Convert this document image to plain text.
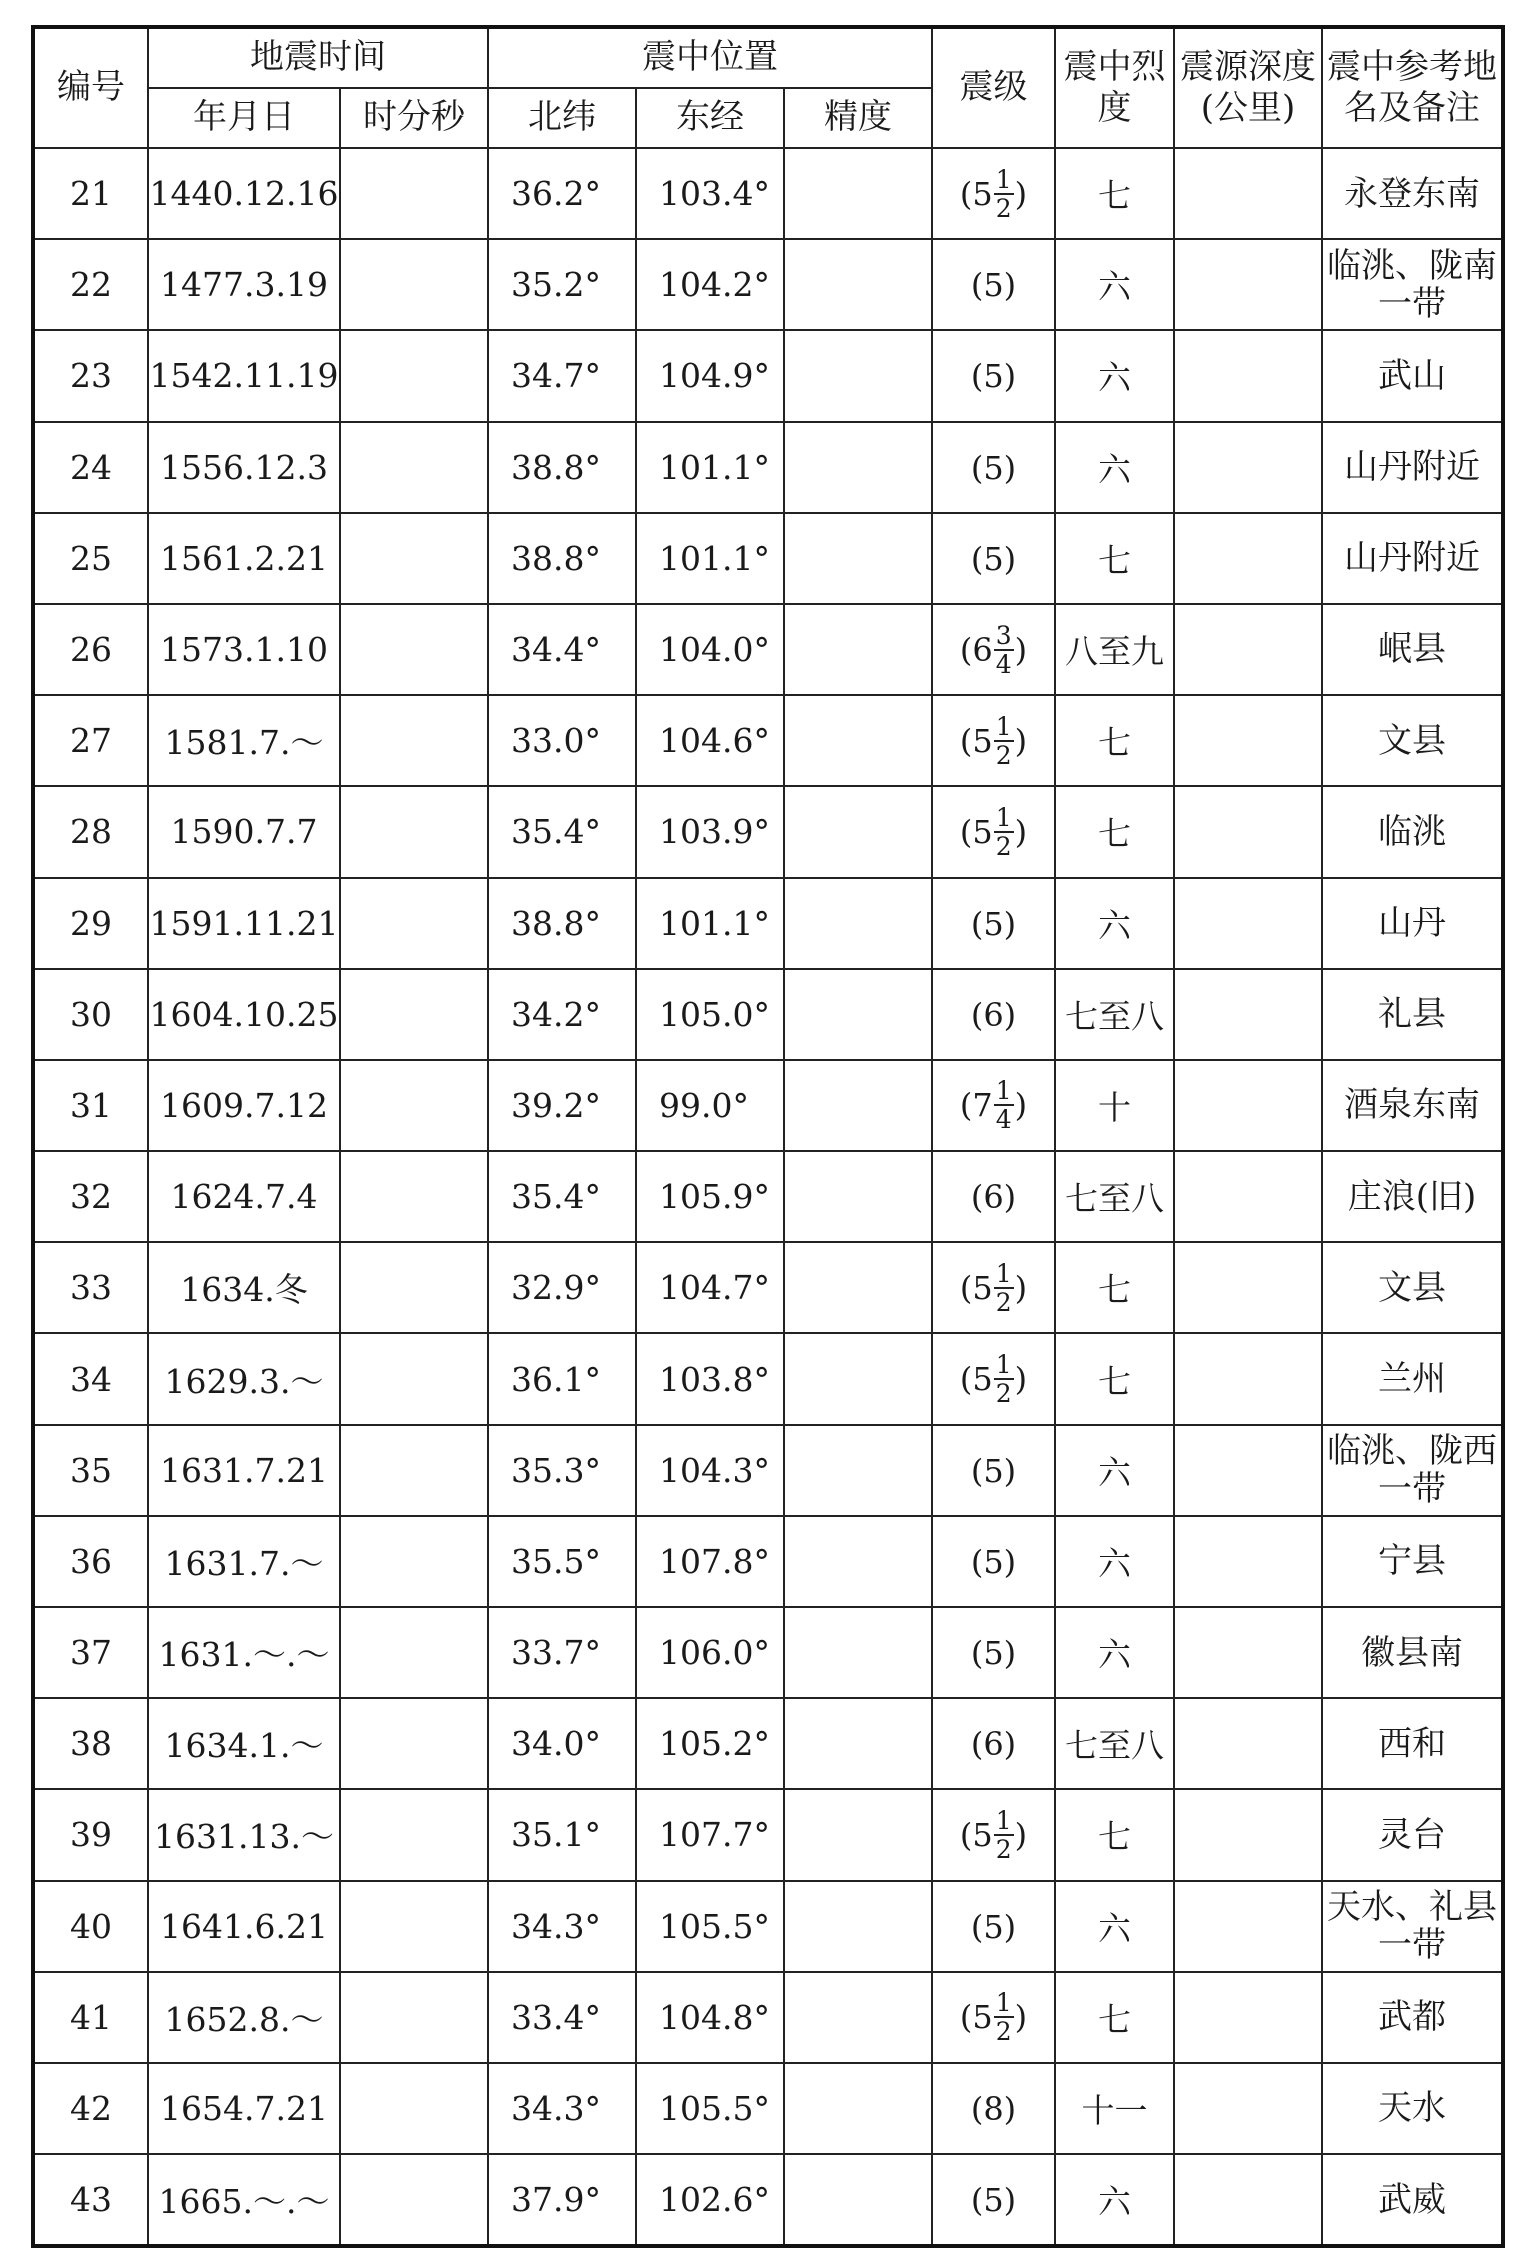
编号	地震时间		震中位置			震级	震中烈度	震源深度(公里)	震中参考地名及备注
	年月日	时分秒	北纬	东经	精度				
21	1440.12.16		36.2°	103.4°		( $5 \frac{1}{2}$ )	七		永登东南
22	1477.3.19		35.2°	104.2°		( 5 )	六		临洮、陇南一带
23	1542.11.19		34.7°	104.9°		( 5 )	六		武山
24	1556.12.3		38.8°	101.1°		( 5 )	六		山丹附近
25	1561.2.21		38.8°	101.1°		( 5 )	七		山丹附近
26	1573.1.10		34.4°	104.0°		( $6 \frac{3}{4}$ )	八至九		岷县
27	1581.7.～		33.0°	104.6°		( $5 \frac{1}{2}$ )	七		文县
28	1590.7.7		35.4°	103.9°		( $5 \frac{1}{2}$ )	七		临洮
29	1591.11.21		38.8°	101.1°		( 5 )	六		山丹
30	1604.10.25		34.2°	105.0°		( 6 )	七至八		礼县
31	1609.7.12		39.2°	99.0°		( $7 \frac{1}{4}$ )	十		酒泉东南
32	1624.7.4		35.4°	105.9°		( 6 )	七至八		庄浪(旧)
33	1634.冬		32.9°	104.7°		( $5 \frac{1}{2}$ )	七		文县
34	1629.3.～		36.1°	103.8°		( $5 \frac{1}{2}$ )	七		兰州
35	1631.7.21		35.3°	104.3°		( 5 )	六		临洮、陇西一带
36	1631.7.～		35.5°	107.8°		( 5 )	六		宁县
37	1631.～.～		33.7°	106.0°		( 5 )	六		徽县南
38	1634.1.～		34.0°	105.2°		( 6 )	七至八		西和
39	1631.13.～		35.1°	107.7°		( $5 \frac{1}{2}$ )	七		灵台
40	1641.6.21		34.3°	105.5°		( 5 )	六		天水、礼县一带
41	1652.8.～		33.4°	104.8°		( $5 \frac{1}{2}$ )	七		武都
42	1654.7.21		34.3°	105.5°		( 8 )	十一		天水
43	1665.～.～		37.9°	102.6°		( 5 )	六		武威
